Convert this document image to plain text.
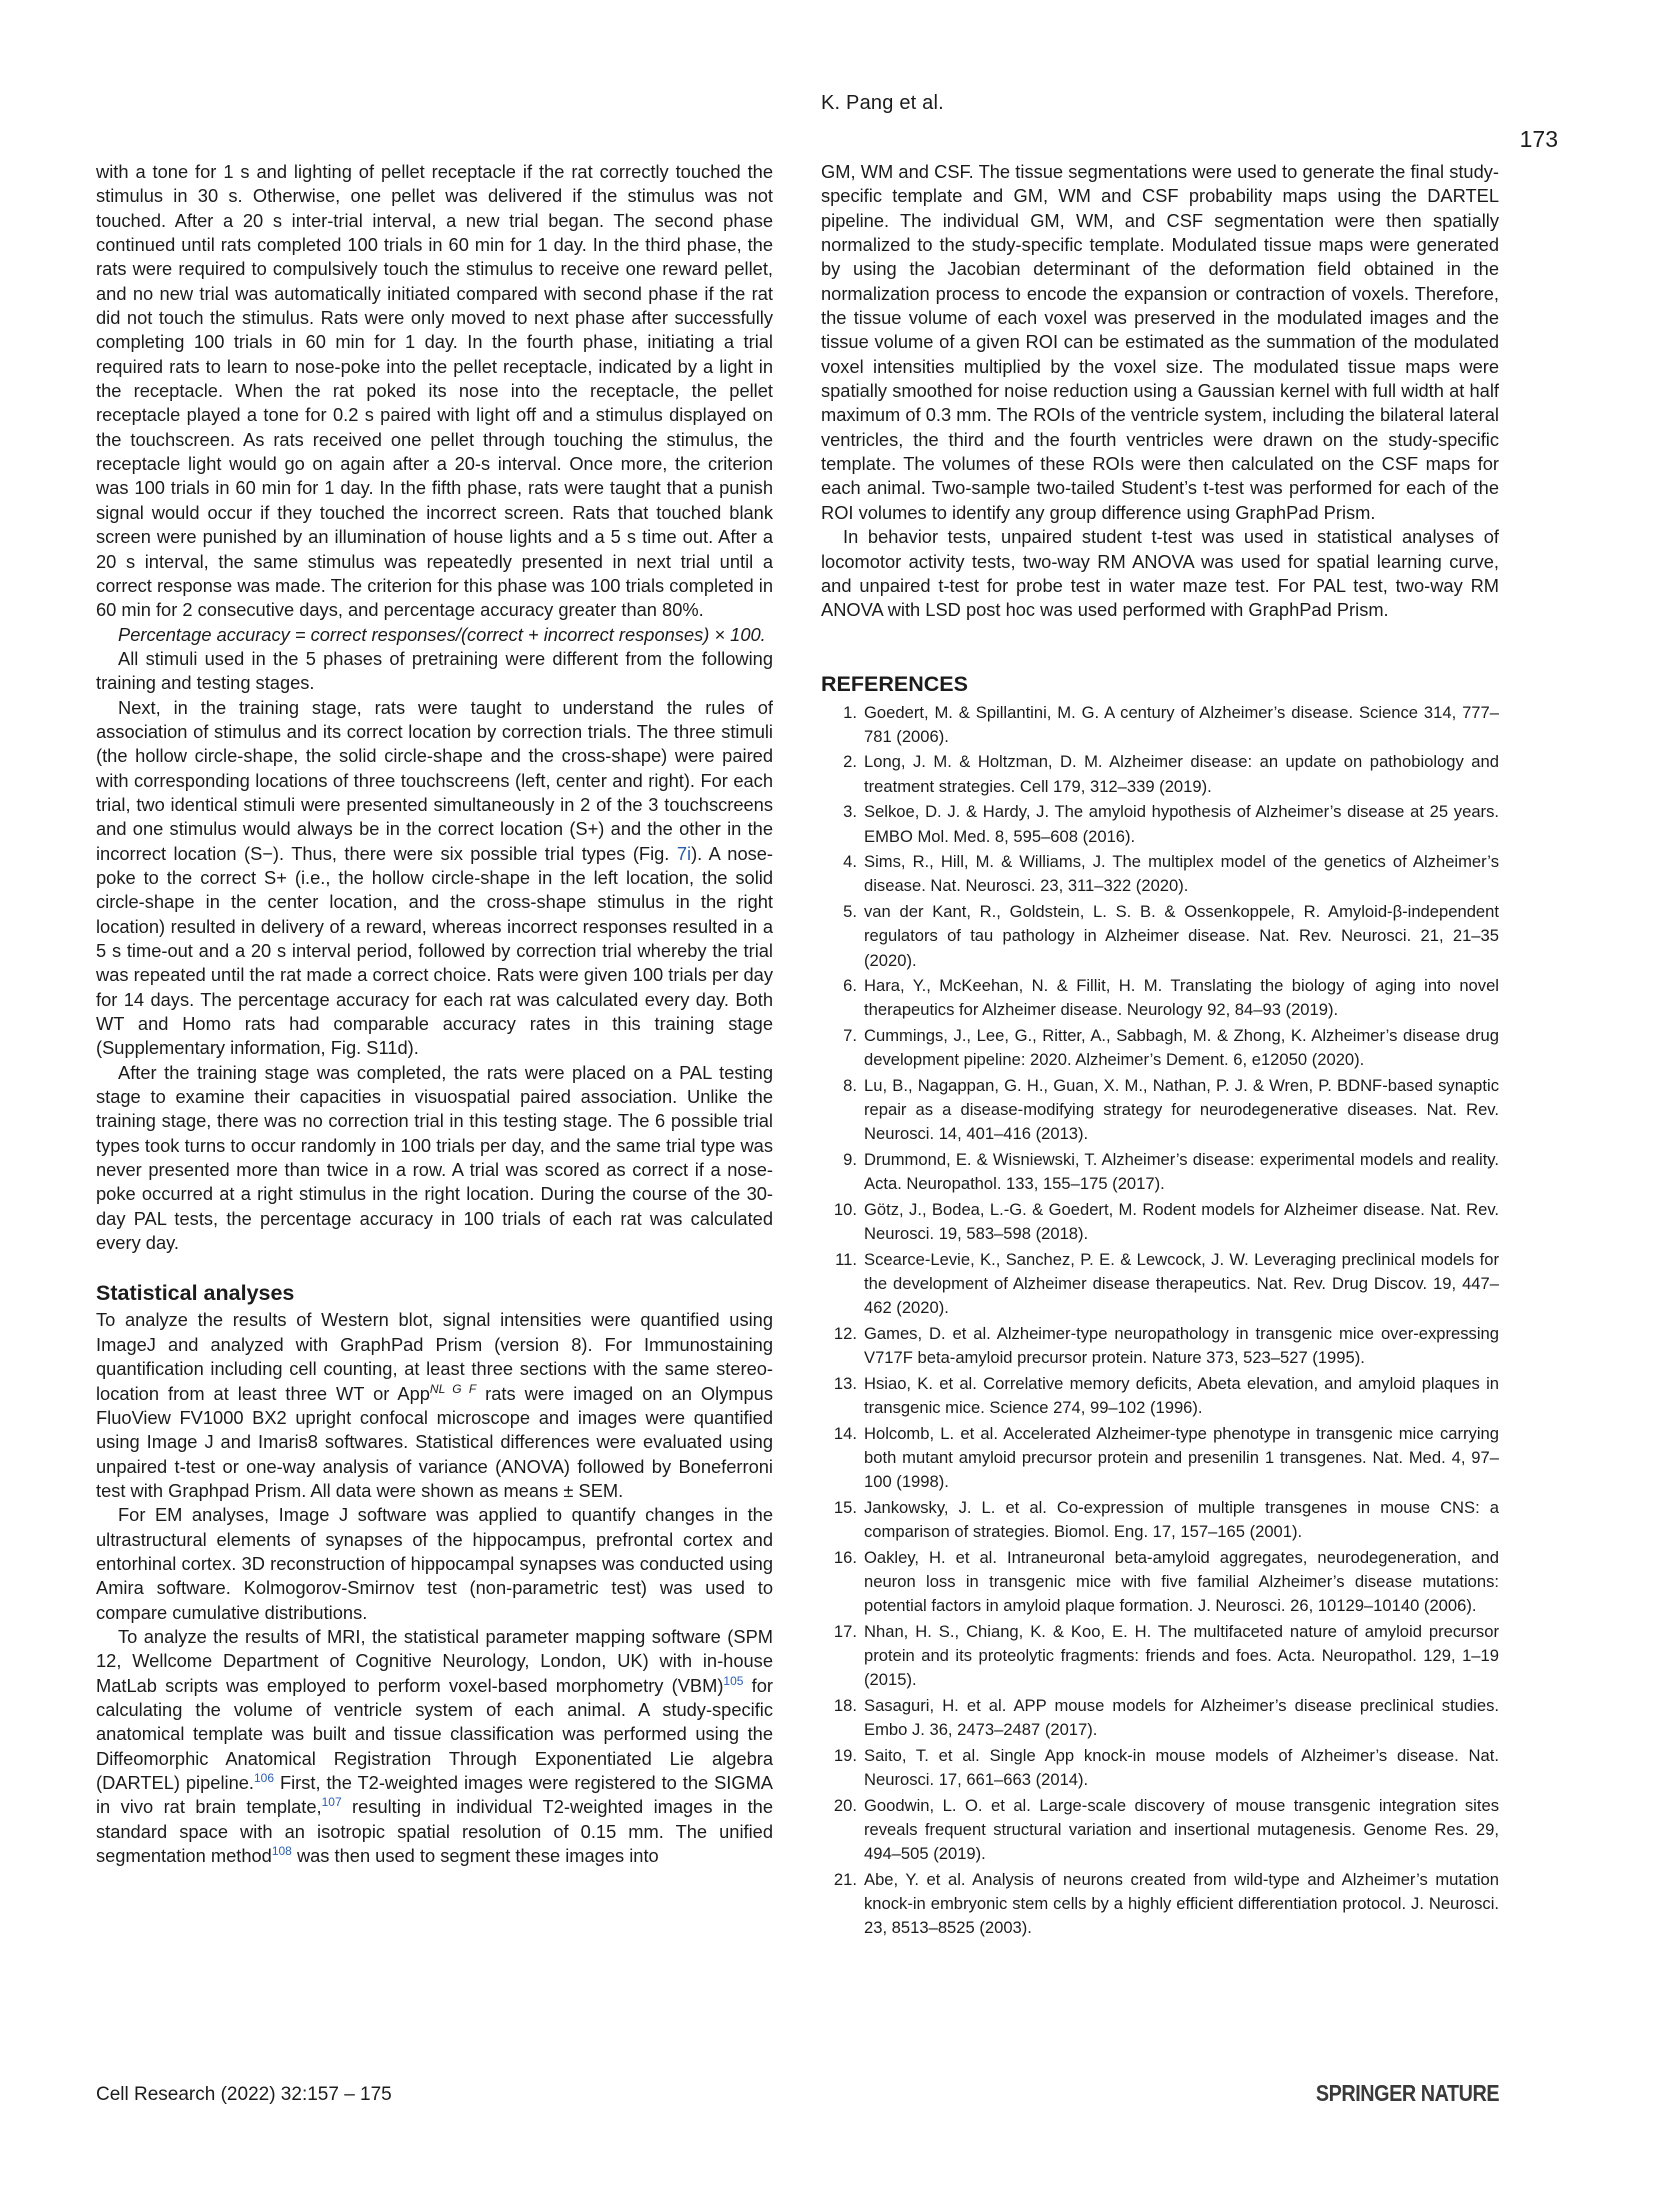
K. Pang et al.
173

with a tone for 1 s and lighting of pellet receptacle if the rat correctly touched the stimulus in 30 s. Otherwise, one pellet was delivered if the stimulus was not touched. After a 20 s inter-trial interval, a new trial began. The second phase continued until rats completed 100 trials in 60 min for 1 day. In the third phase, the rats were required to compulsively touch the stimulus to receive one reward pellet, and no new trial was automatically initiated compared with second phase if the rat did not touch the stimulus. Rats were only moved to next phase after successfully completing 100 trials in 60 min for 1 day. In the fourth phase, initiating a trial required rats to learn to nose-poke into the pellet receptacle, indicated by a light in the receptacle. When the rat poked its nose into the receptacle, the pellet receptacle played a tone for 0.2 s paired with light off and a stimulus displayed on the touchscreen. As rats received one pellet through touching the stimulus, the receptacle light would go on again after a 20-s interval. Once more, the criterion was 100 trials in 60 min for 1 day. In the fifth phase, rats were taught that a punish signal would occur if they touched the incorrect screen. Rats that touched blank screen were punished by an illumination of house lights and a 5 s time out. After a 20 s interval, the same stimulus was repeatedly presented in next trial until a correct response was made. The criterion for this phase was 100 trials completed in 60 min for 2 consecutive days, and percentage accuracy greater than 80%.

Percentage accuracy = correct responses/(correct + incorrect responses) × 100.

All stimuli used in the 5 phases of pretraining were different from the following training and testing stages.

Next, in the training stage, rats were taught to understand the rules of association of stimulus and its correct location by correction trials. The three stimuli (the hollow circle-shape, the solid circle-shape and the cross-shape) were paired with corresponding locations of three touchscreens (left, center and right). For each trial, two identical stimuli were presented simultaneously in 2 of the 3 touchscreens and one stimulus would always be in the correct location (S+) and the other in the incorrect location (S−). Thus, there were six possible trial types (Fig. 7i). A nose-poke to the correct S+ (i.e., the hollow circle-shape in the left location, the solid circle-shape in the center location, and the cross-shape stimulus in the right location) resulted in delivery of a reward, whereas incorrect responses resulted in a 5 s time-out and a 20 s interval period, followed by correction trial whereby the trial was repeated until the rat made a correct choice. Rats were given 100 trials per day for 14 days. The percentage accuracy for each rat was calculated every day. Both WT and Homo rats had comparable accuracy rates in this training stage (Supplementary information, Fig. S11d).

After the training stage was completed, the rats were placed on a PAL testing stage to examine their capacities in visuospatial paired association. Unlike the training stage, there was no correction trial in this testing stage. The 6 possible trial types took turns to occur randomly in 100 trials per day, and the same trial type was never presented more than twice in a row. A trial was scored as correct if a nose-poke occurred at a right stimulus in the right location. During the course of the 30-day PAL tests, the percentage accuracy in 100 trials of each rat was calculated every day.

Statistical analyses

To analyze the results of Western blot, signal intensities were quantified using ImageJ and analyzed with GraphPad Prism (version 8). For Immunostaining quantification including cell counting, at least three sections with the same stereo-location from at least three WT or App$^{NL G F}$ rats were imaged on an Olympus FluoView FV1000 BX2 upright confocal microscope and images were quantified using Image J and Imaris8 softwares. Statistical differences were evaluated using unpaired t-test or one-way analysis of variance (ANOVA) followed by Boneferroni test with Graphpad Prism. All data were shown as means ± SEM.

For EM analyses, Image J software was applied to quantify changes in the ultrastructural elements of synapses of the hippocampus, prefrontal cortex and entorhinal cortex. 3D reconstruction of hippocampal synapses was conducted using Amira software. Kolmogorov-Smirnov test (non-parametric test) was used to compare cumulative distributions.

To analyze the results of MRI, the statistical parameter mapping software (SPM 12, Wellcome Department of Cognitive Neurology, London, UK) with in-house MatLab scripts was employed to perform voxel-based morphometry (VBM)$^{105}$ for calculating the volume of ventricle system of each animal. A study-specific anatomical template was built and tissue classification was performed using the Diffeomorphic Anatomical Registration Through Exponentiated Lie algebra (DARTEL) pipeline.$^{106}$ First, the T2-weighted images were registered to the SIGMA in vivo rat brain template,$^{107}$ resulting in individual T2-weighted images in the standard space with an isotropic spatial resolution of 0.15 mm. The unified segmentation method$^{108}$ was then used to segment these images into

GM, WM and CSF. The tissue segmentations were used to generate the final study-specific template and GM, WM and CSF probability maps using the DARTEL pipeline. The individual GM, WM, and CSF segmentation were then spatially normalized to the study-specific template. Modulated tissue maps were generated by using the Jacobian determinant of the deformation field obtained in the normalization process to encode the expansion or contraction of voxels. Therefore, the tissue volume of each voxel was preserved in the modulated images and the tissue volume of a given ROI can be estimated as the summation of the modulated voxel intensities multiplied by the voxel size. The modulated tissue maps were spatially smoothed for noise reduction using a Gaussian kernel with full width at half maximum of 0.3 mm. The ROIs of the ventricle system, including the bilateral lateral ventricles, the third and the fourth ventricles were drawn on the study-specific template. The volumes of these ROIs were then calculated on the CSF maps for each animal. Two-sample two-tailed Student’s t-test was performed for each of the ROI volumes to identify any group difference using GraphPad Prism.

In behavior tests, unpaired student t-test was used in statistical analyses of locomotor activity tests, two-way RM ANOVA was used for spatial learning curve, and unpaired t-test for probe test in water maze test. For PAL test, two-way RM ANOVA with LSD post hoc was used performed with GraphPad Prism.

REFERENCES
1. Goedert, M. & Spillantini, M. G. A century of Alzheimer’s disease. Science 314, 777–781 (2006).
2. Long, J. M. & Holtzman, D. M. Alzheimer disease: an update on pathobiology and treatment strategies. Cell 179, 312–339 (2019).
3. Selkoe, D. J. & Hardy, J. The amyloid hypothesis of Alzheimer’s disease at 25 years. EMBO Mol. Med. 8, 595–608 (2016).
4. Sims, R., Hill, M. & Williams, J. The multiplex model of the genetics of Alzheimer’s disease. Nat. Neurosci. 23, 311–322 (2020).
5. van der Kant, R., Goldstein, L. S. B. & Ossenkoppele, R. Amyloid-β-independent regulators of tau pathology in Alzheimer disease. Nat. Rev. Neurosci. 21, 21–35 (2020).
6. Hara, Y., McKeehan, N. & Fillit, H. M. Translating the biology of aging into novel therapeutics for Alzheimer disease. Neurology 92, 84–93 (2019).
7. Cummings, J., Lee, G., Ritter, A., Sabbagh, M. & Zhong, K. Alzheimer’s disease drug development pipeline: 2020. Alzheimer’s Dement. 6, e12050 (2020).
8. Lu, B., Nagappan, G. H., Guan, X. M., Nathan, P. J. & Wren, P. BDNF-based synaptic repair as a disease-modifying strategy for neurodegenerative diseases. Nat. Rev. Neurosci. 14, 401–416 (2013).
9. Drummond, E. & Wisniewski, T. Alzheimer’s disease: experimental models and reality. Acta. Neuropathol. 133, 155–175 (2017).
10. Götz, J., Bodea, L.-G. & Goedert, M. Rodent models for Alzheimer disease. Nat. Rev. Neurosci. 19, 583–598 (2018).
11. Scearce-Levie, K., Sanchez, P. E. & Lewcock, J. W. Leveraging preclinical models for the development of Alzheimer disease therapeutics. Nat. Rev. Drug Discov. 19, 447–462 (2020).
12. Games, D. et al. Alzheimer-type neuropathology in transgenic mice over-expressing V717F beta-amyloid precursor protein. Nature 373, 523–527 (1995).
13. Hsiao, K. et al. Correlative memory deficits, Abeta elevation, and amyloid plaques in transgenic mice. Science 274, 99–102 (1996).
14. Holcomb, L. et al. Accelerated Alzheimer-type phenotype in transgenic mice carrying both mutant amyloid precursor protein and presenilin 1 transgenes. Nat. Med. 4, 97–100 (1998).
15. Jankowsky, J. L. et al. Co-expression of multiple transgenes in mouse CNS: a comparison of strategies. Biomol. Eng. 17, 157–165 (2001).
16. Oakley, H. et al. Intraneuronal beta-amyloid aggregates, neurodegeneration, and neuron loss in transgenic mice with five familial Alzheimer’s disease mutations: potential factors in amyloid plaque formation. J. Neurosci. 26, 10129–10140 (2006).
17. Nhan, H. S., Chiang, K. & Koo, E. H. The multifaceted nature of amyloid precursor protein and its proteolytic fragments: friends and foes. Acta. Neuropathol. 129, 1–19 (2015).
18. Sasaguri, H. et al. APP mouse models for Alzheimer’s disease preclinical studies. Embo J. 36, 2473–2487 (2017).
19. Saito, T. et al. Single App knock-in mouse models of Alzheimer’s disease. Nat. Neurosci. 17, 661–663 (2014).
20. Goodwin, L. O. et al. Large-scale discovery of mouse transgenic integration sites reveals frequent structural variation and insertional mutagenesis. Genome Res. 29, 494–505 (2019).
21. Abe, Y. et al. Analysis of neurons created from wild-type and Alzheimer’s mutation knock-in embryonic stem cells by a highly efficient differentiation protocol. J. Neurosci. 23, 8513–8525 (2003).
Cell Research (2022) 32:157 – 175	SPRINGER NATURE
